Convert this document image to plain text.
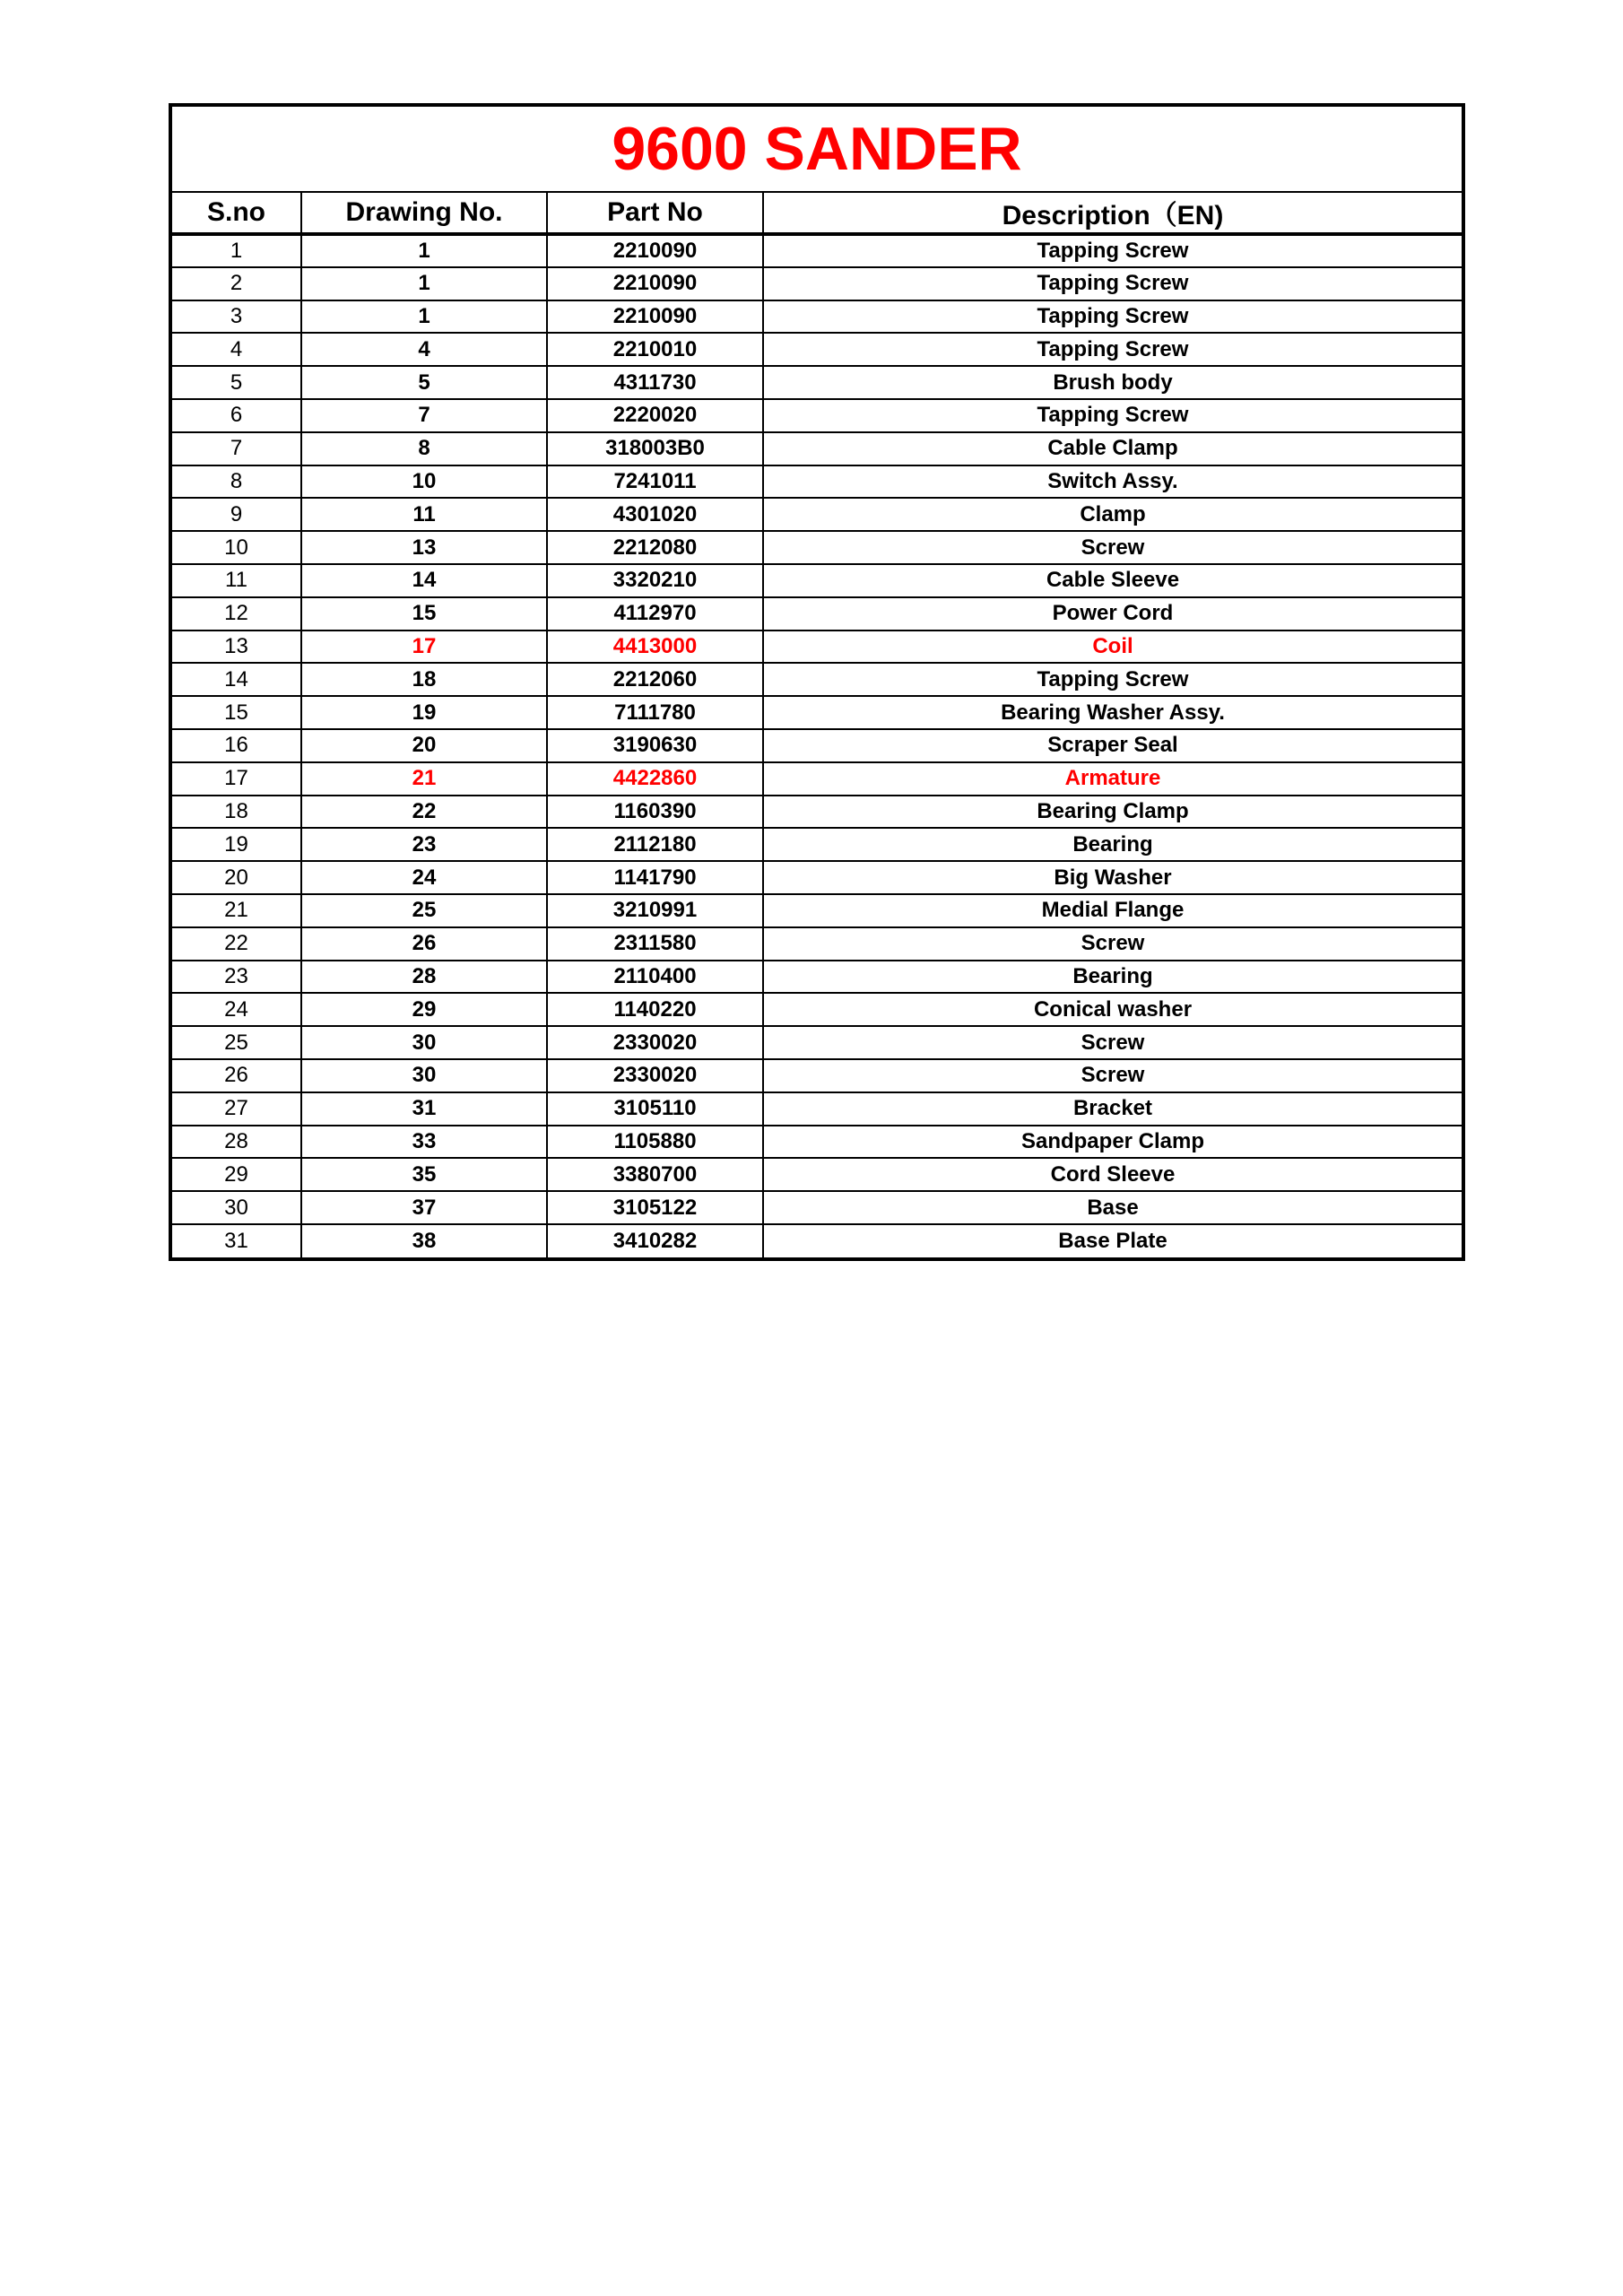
9600 SANDER
S.no	Drawing No.	Part No	Description（EN)
1	1	2210090	Tapping Screw
2	1	2210090	Tapping Screw
3	1	2210090	Tapping Screw
4	4	2210010	Tapping Screw
5	5	4311730	Brush body
6	7	2220020	Tapping Screw
7	8	318003B0	Cable Clamp
8	10	7241011	Switch Assy.
9	11	4301020	Clamp
10	13	2212080	Screw
11	14	3320210	Cable Sleeve
12	15	4112970	Power Cord
13	17	4413000	Coil
14	18	2212060	Tapping Screw
15	19	7111780	Bearing Washer Assy.
16	20	3190630	Scraper Seal
17	21	4422860	Armature
18	22	1160390	Bearing Clamp
19	23	2112180	Bearing
20	24	1141790	Big Washer
21	25	3210991	Medial Flange
22	26	2311580	Screw
23	28	2110400	Bearing
24	29	1140220	Conical washer
25	30	2330020	Screw
26	30	2330020	Screw
27	31	3105110	Bracket
28	33	1105880	Sandpaper Clamp
29	35	3380700	Cord Sleeve
30	37	3105122	Base
31	38	3410282	Base Plate
